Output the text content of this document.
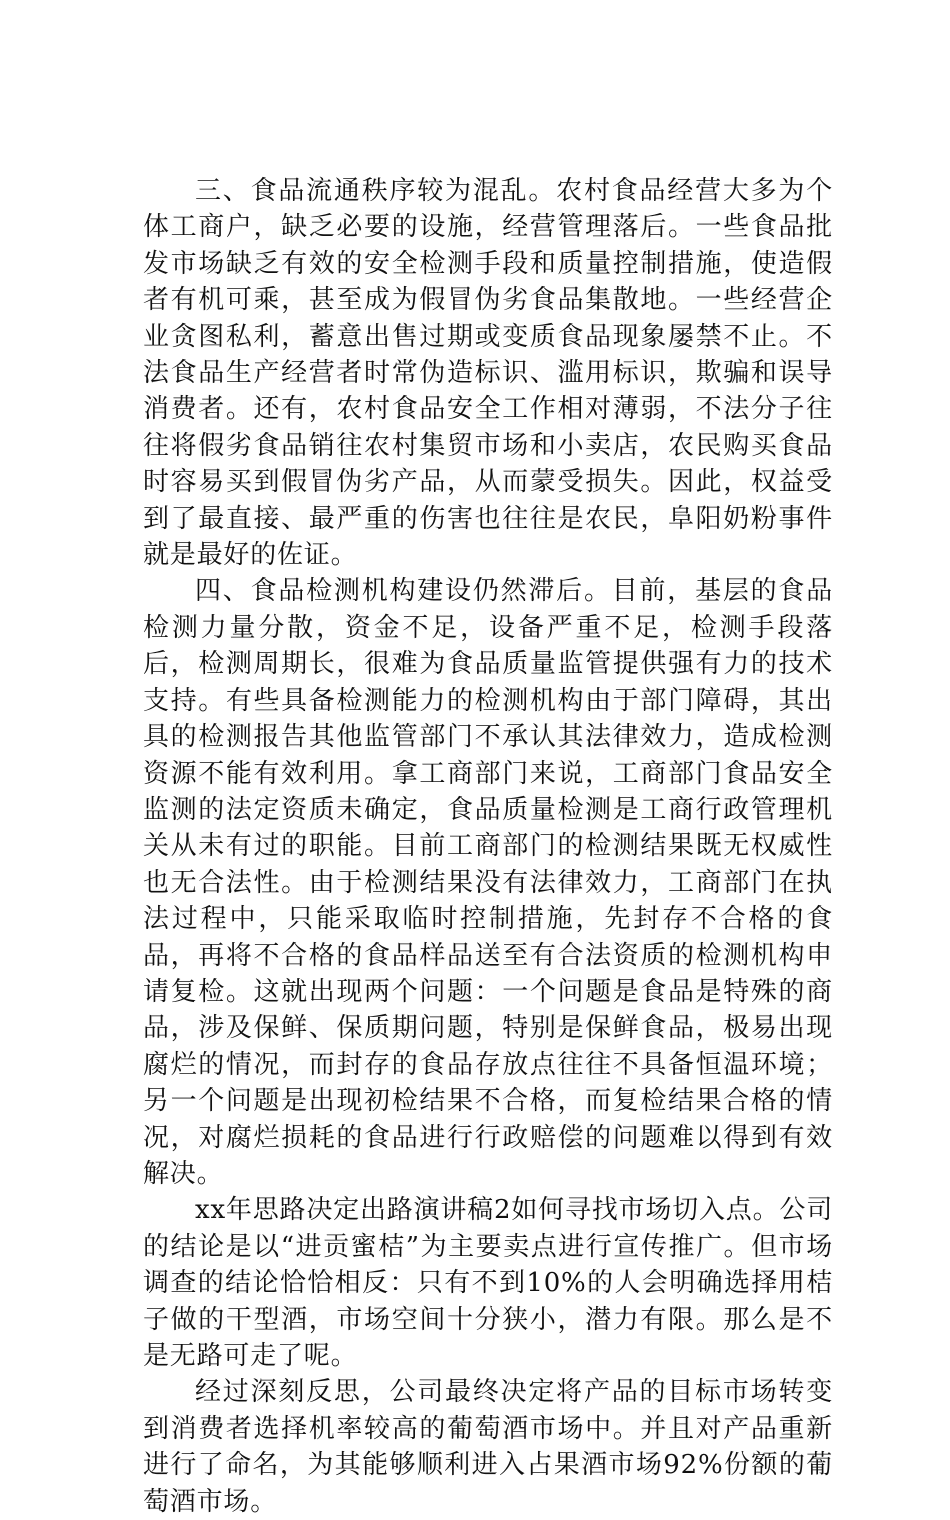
三、食品流通秩序较为混乱。农村食品经营大多为个体工商户，缺乏必要的设施，经营管理落后。一些食品批发市场缺乏有效的安全检测手段和质量控制措施，使造假者有机可乘，甚至成为假冒伪劣食品集散地。一些经营企业贪图私利，蓄意出售过期或变质食品现象屡禁不止。不法食品生产经营者时常伪造标识、滥用标识，欺骗和误导消费者。还有，农村食品安全工作相对薄弱，不法分子往往将假劣食品销往农村集贸市场和小卖店，农民购买食品时容易买到假冒伪劣产品，从而蒙受损失。因此，权益受到了最直接、最严重的伤害也往往是农民，阜阳奶粉事件就是最好的佐证。

四、食品检测机构建设仍然滞后。目前，基层的食品检测力量分散，资金不足，设备严重不足，检测手段落后，检测周期长，很难为食品质量监管提供强有力的技术支持。有些具备检测能力的检测机构由于部门障碍，其出具的检测报告其他监管部门不承认其法律效力，造成检测资源不能有效利用。拿工商部门来说，工商部门食品安全监测的法定资质未确定，食品质量检测是工商行政管理机关从未有过的职能。目前工商部门的检测结果既无权威性也无合法性。由于检测结果没有法律效力，工商部门在执法过程中，只能采取临时控制措施，先封存不合格的食品，再将不合格的食品样品送至有合法资质的检测机构申请复检。这就出现两个问题：一个问题是食品是特殊的商品，涉及保鲜、保质期问题，特别是保鲜食品，极易出现腐烂的情况，而封存的食品存放点往往不具备恒温环境；另一个问题是出现初检结果不合格，而复检结果合格的情况，对腐烂损耗的食品进行行政赔偿的问题难以得到有效解决。

xx年思路决定出路演讲稿2如何寻找市场切入点。公司的结论是以“进贡蜜桔”为主要卖点进行宣传推广。但市场调查的结论恰恰相反：只有不到10%的人会明确选择用桔子做的干型酒，市场空间十分狭小，潜力有限。那么是不是无路可走了呢。

经过深刻反思，公司最终决定将产品的目标市场转变到消费者选择机率较高的葡萄酒市场中。并且对产品重新进行了命名，为其能够顺利进入占果酒市场92%份额的葡萄酒市场。
